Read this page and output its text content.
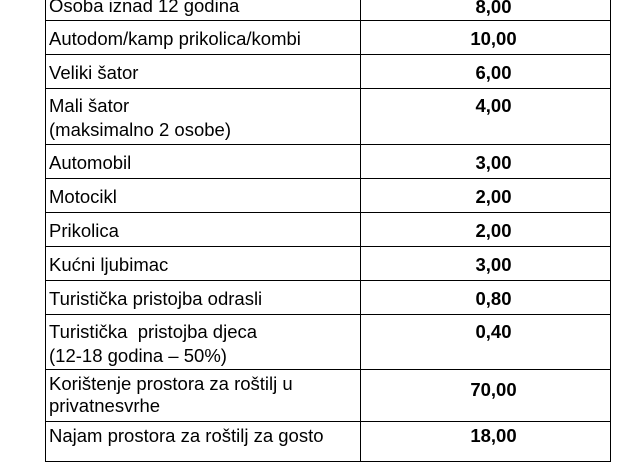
Osoba iznad 12 godina	8,00
Autodom/kamp prikolica/kombi	10,00
Veliki šator	6,00

Mali šator
(maksimalno 2 osobe)	4,00
Automobil	3,00
Motocikl	2,00
Prikolica	2,00
Kućni ljubimac	3,00
Turistička pristojba odrasli	0,80

Turistička  pristojba djeca
(12-18 godina – 50%)	0,40

Korištenje prostora za roštilj u
privatnesvrhe	70,00
Najam prostora za roštilj za gosto	18,00
